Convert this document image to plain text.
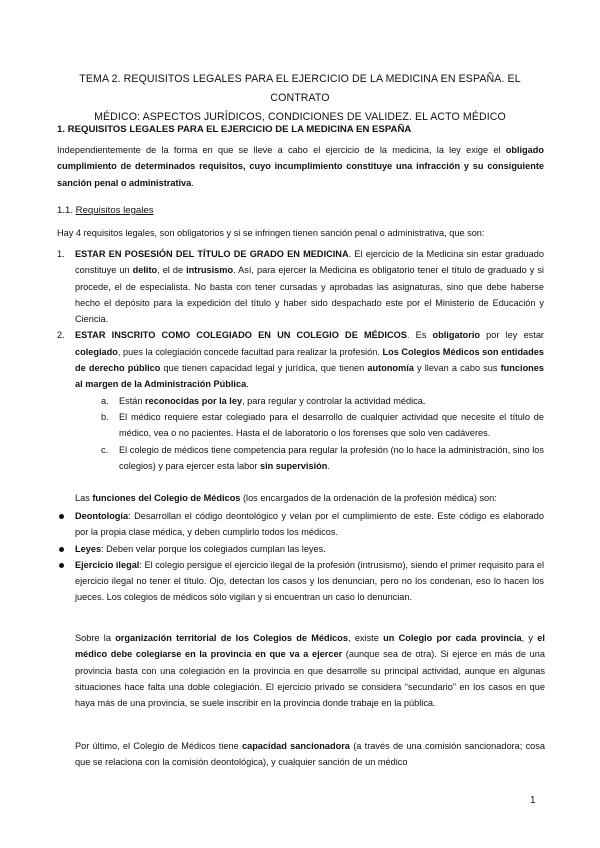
TEMA 2. REQUISITOS LEGALES PARA EL EJERCICIO DE LA MEDICINA EN ESPAÑA. EL CONTRATO
MÉDICO: ASPECTOS JURÍDICOS, CONDICIONES DE VALIDEZ. EL ACTO MÉDICO
1. REQUISITOS LEGALES PARA EL EJERCICIO DE LA MEDICINA EN ESPAÑA
Independientemente de la forma en que se lleve a cabo el ejercicio de la medicina, la ley exige el obligado cumplimiento de determinados requisitos, cuyo incumplimiento constituye una infracción y su consiguiente sanción penal o administrativa.
1.1. Requisitos legales
Hay 4 requisitos legales, son obligatorios y si se infringen tienen sanción penal o administrativa, que son:
1. ESTAR EN POSESIÓN DEL TÍTULO DE GRADO EN MEDICINA. El ejercicio de la Medicina sin estar graduado constituye un delito, el de intrusismo. Así, para ejercer la Medicina es obligatorio tener el título de graduado y si procede, el de especialista. No basta con tener cursadas y aprobadas las asignaturas, sino que debe haberse hecho el depósito para la expedición del título y haber sido despachado este por el Ministerio de Educación y Ciencia.
2. ESTAR INSCRITO COMO COLEGIADO EN UN COLEGIO DE MÉDICOS. Es obligatorio por ley estar colegiado, pues la colegiación concede facultad para realizar la profesión. Los Colegios Médicos son entidades de derecho público que tienen capacidad legal y jurídica, que tienen autonomía y llevan a cabo sus funciones al margen de la Administración Pública.
a. Están reconocidas por la ley, para regular y controlar la actividad médica.
b. El médico requiere estar colegiado para el desarrollo de cualquier actividad que necesite el título de médico, vea o no pacientes. Hasta el de laboratorio o los forenses que solo ven cadáveres.
c. El colegio de médicos tiene competencia para regular la profesión (no lo hace la administración, sino los colegios) y para ejercer esta labor sin supervisión.
Las funciones del Colegio de Médicos (los encargados de la ordenación de la profesión médica) son:
Deontología: Desarrollan el código deontológico y velan por el cumplimiento de este. Este código es elaborado por la propia clase médica, y deben cumplirlo todos los médicos.
Leyes: Deben velar porque los colegiados cumplan las leyes.
Ejercicio ilegal: El colegio persigue el ejercicio ilegal de la profesión (intrusismo), siendo el primer requisito para el ejercicio ilegal no tener el título. Ojo, detectan los casos y los denuncian, pero no los condenan, eso lo hacen los jueces. Los colegios de médicos sólo vigilan y si encuentran un caso lo denuncian.
Sobre la organización territorial de los Colegios de Médicos, existe un Colegio por cada provincia, y el médico debe colegiarse en la provincia en que va a ejercer (aunque sea de otra). Si ejerce en más de una provincia basta con una colegiación en la provincia en que desarrolle su principal actividad, aunque en algunas situaciones hace falta una doble colegiación. El ejercicio privado se considera “secundario” en los casos en que haya más de una provincia, se suele inscribir en la provincia donde trabaje en la pública.
Por último, el Colegio de Médicos tiene capacidad sancionadora (a través de una comisión sancionadora; cosa que se relaciona con la comisión deontológica), y cualquier sanción de un médico
1
